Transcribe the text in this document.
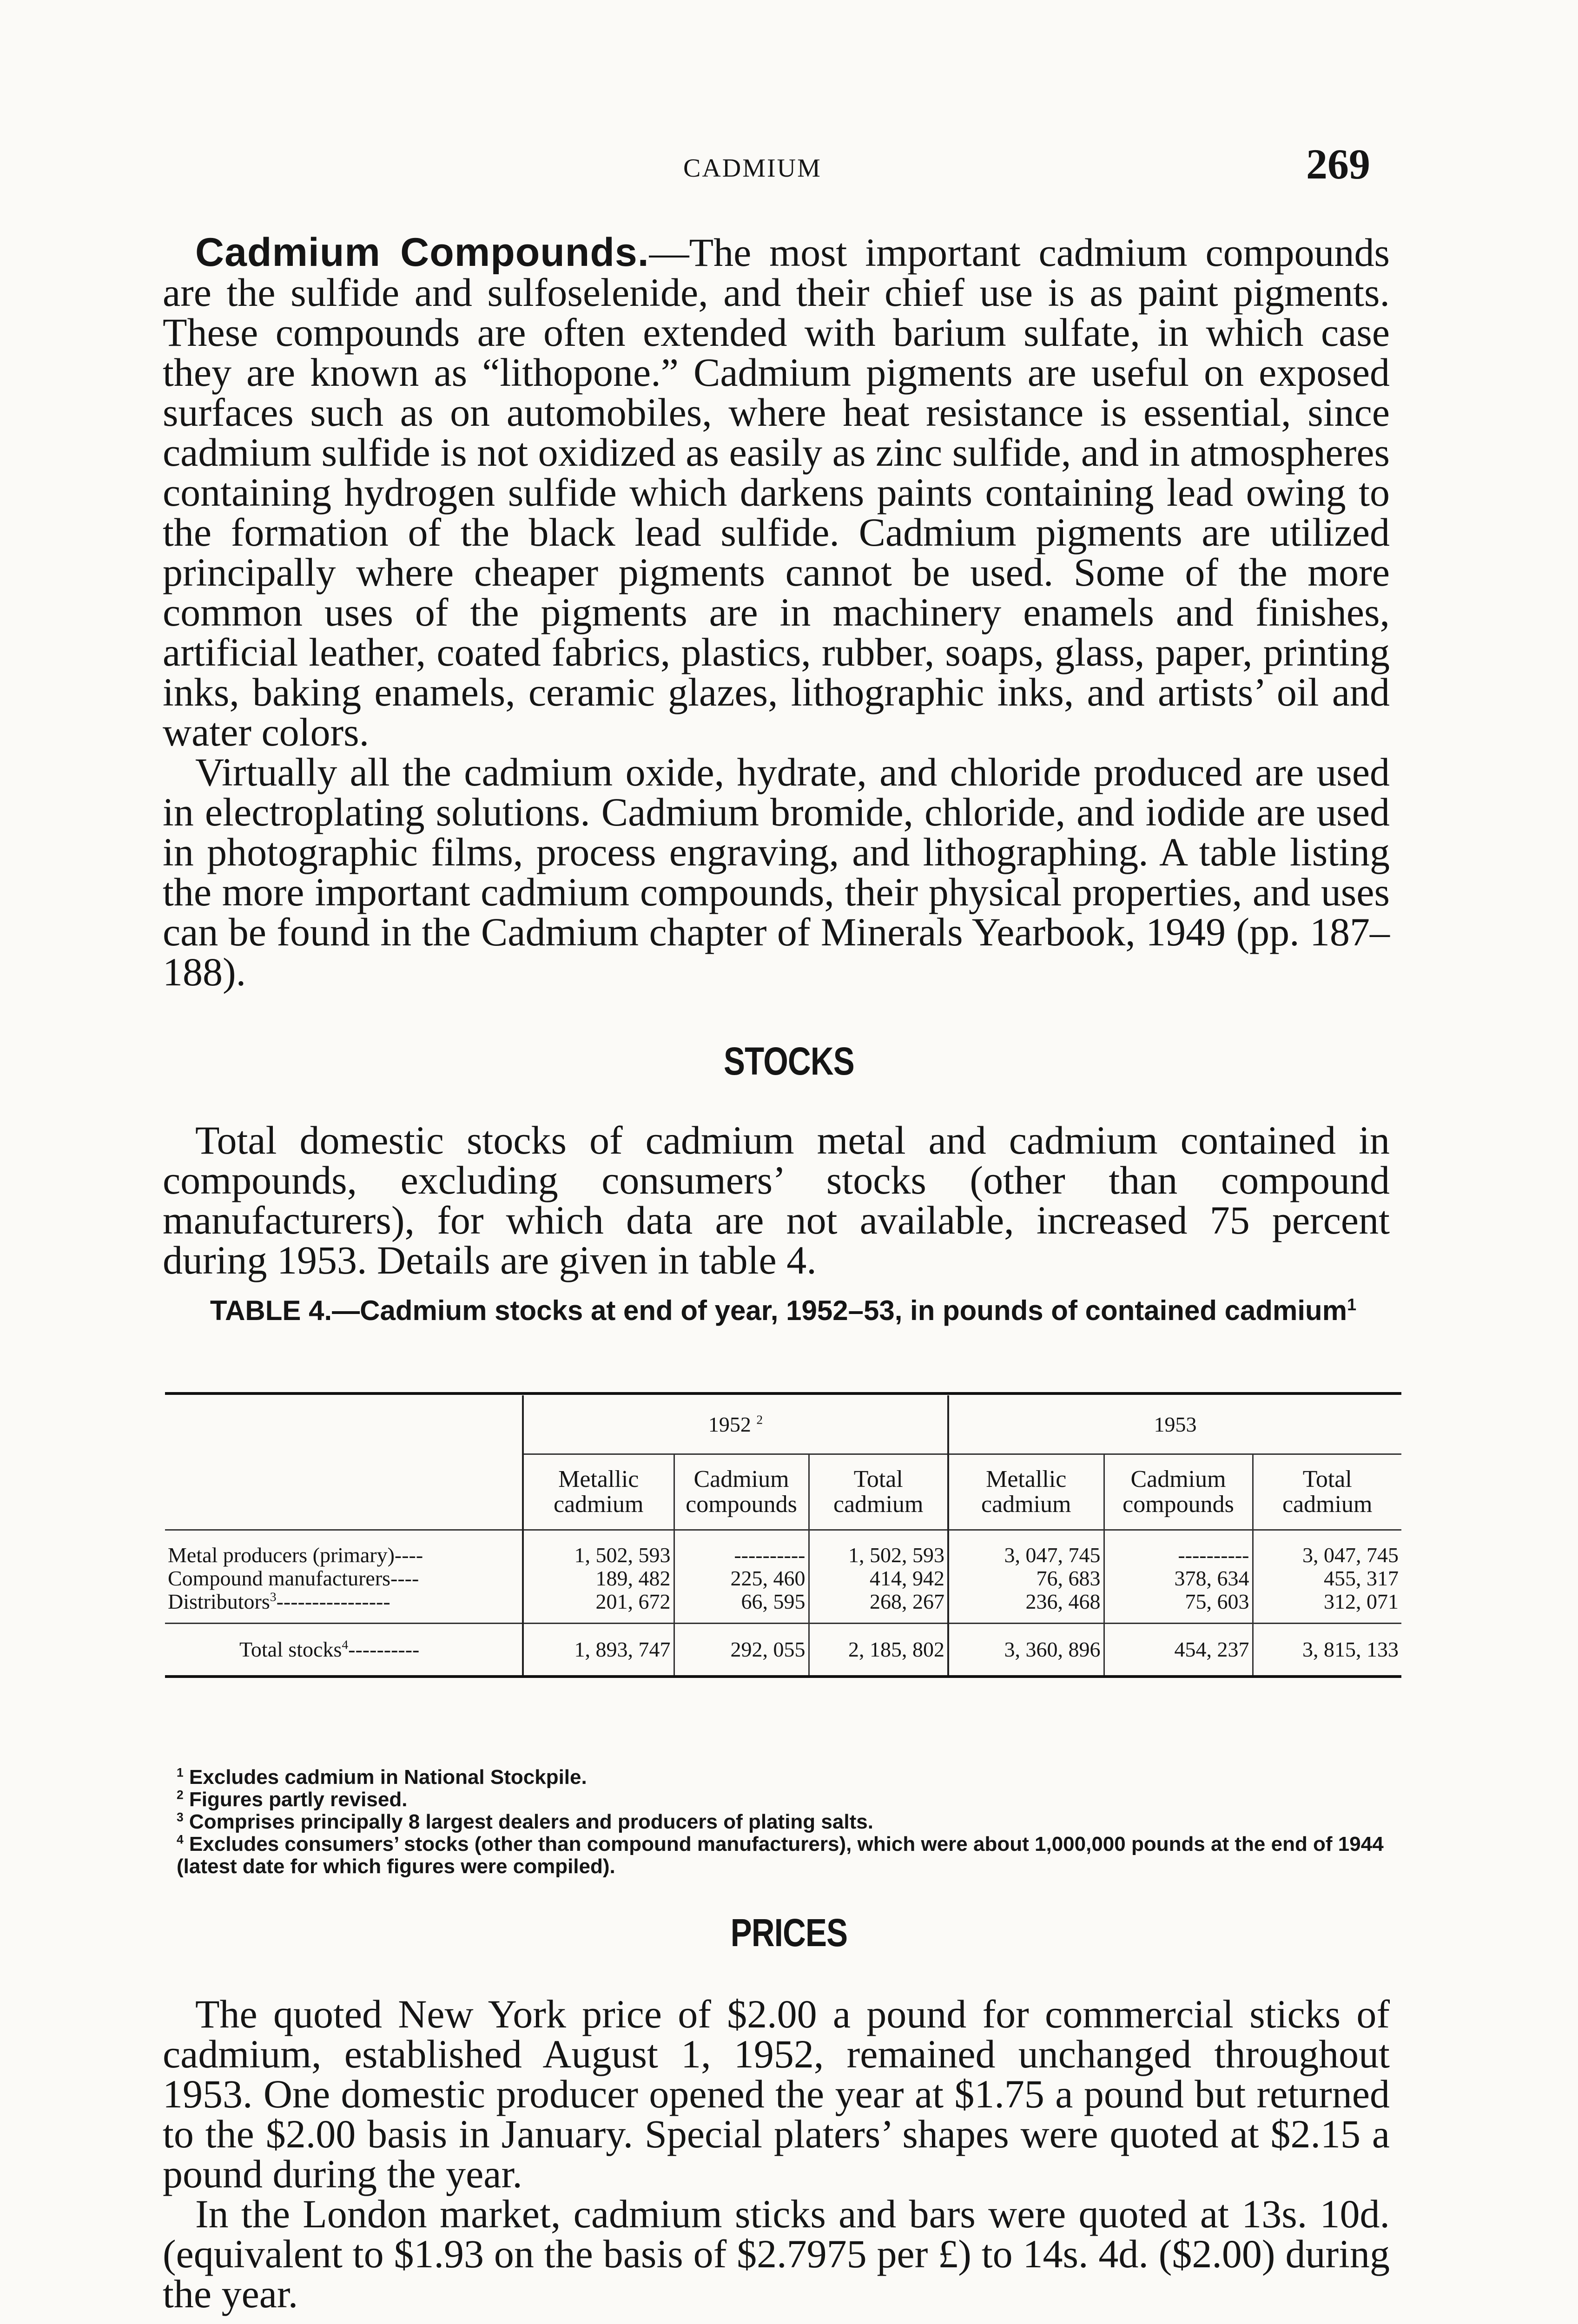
CADMIUM	269

Cadmium Compounds.—The most important cadmium compounds are the sulfide and sulfoselenide, and their chief use is as paint pigments. These compounds are often extended with barium sulfate, in which case they are known as “lithopone.” Cadmium pigments are useful on exposed surfaces such as on automobiles, where heat resistance is essential, since cadmium sulfide is not oxidized as easily as zinc sulfide, and in atmospheres containing hydrogen sulfide which darkens paints containing lead owing to the formation of the black lead sulfide. Cadmium pigments are utilized principally where cheaper pigments cannot be used. Some of the more common uses of the pigments are in machinery enamels and finishes, artificial leather, coated fabrics, plastics, rubber, soaps, glass, paper, printing inks, baking enamels, ceramic glazes, lithographic inks, and artists’ oil and water colors.

Virtually all the cadmium oxide, hydrate, and chloride produced are used in electroplating solutions. Cadmium bromide, chloride, and iodide are used in photographic films, process engraving, and lithographing. A table listing the more important cadmium compounds, their physical properties, and uses can be found in the Cadmium chapter of Minerals Yearbook, 1949 (pp. 187–188).

STOCKS

Total domestic stocks of cadmium metal and cadmium contained in compounds, excluding consumers’ stocks (other than compound manufacturers), for which data are not available, increased 75 percent during 1953. Details are given in table 4.

TABLE 4.—Cadmium stocks at end of year, 1952–53, in pounds of contained cadmium$^1$

	1952 $^2$			1953		
	Metallic cadmium	Cadmium compounds	Total cadmium	Metallic cadmium	Cadmium compounds	Total cadmium
Metal producers (primary)----	1, 502, 593	----------	1, 502, 593	3, 047, 745	----------	3, 047, 745
Compound manufacturers----	189, 482	225, 460	414, 942	76, 683	378, 634	455, 317
Distributors$^3$----------------	201, 672	66, 595	268, 267	236, 468	75, 603	312, 071
Total stocks$^4$----------	1, 893, 747	292, 055	2, 185, 802	3, 360, 896	454, 237	3, 815, 133
$^1$ Excludes cadmium in National Stockpile.
$^2$ Figures partly revised.
$^3$ Comprises principally 8 largest dealers and producers of plating salts.
$^4$ Excludes consumers’ stocks (other than compound manufacturers), which were about 1,000,000 pounds at the end of 1944 (latest date for which figures were compiled).
PRICES

The quoted New York price of $2.00 a pound for commercial sticks of cadmium, established August 1, 1952, remained unchanged throughout 1953. One domestic producer opened the year at $1.75 a pound but returned to the $2.00 basis in January. Special platers’ shapes were quoted at $2.15 a pound during the year.

In the London market, cadmium sticks and bars were quoted at 13s. 10d. (equivalent to $1.93 on the basis of $2.7975 per £) to 14s. 4d. ($2.00) during the year.
